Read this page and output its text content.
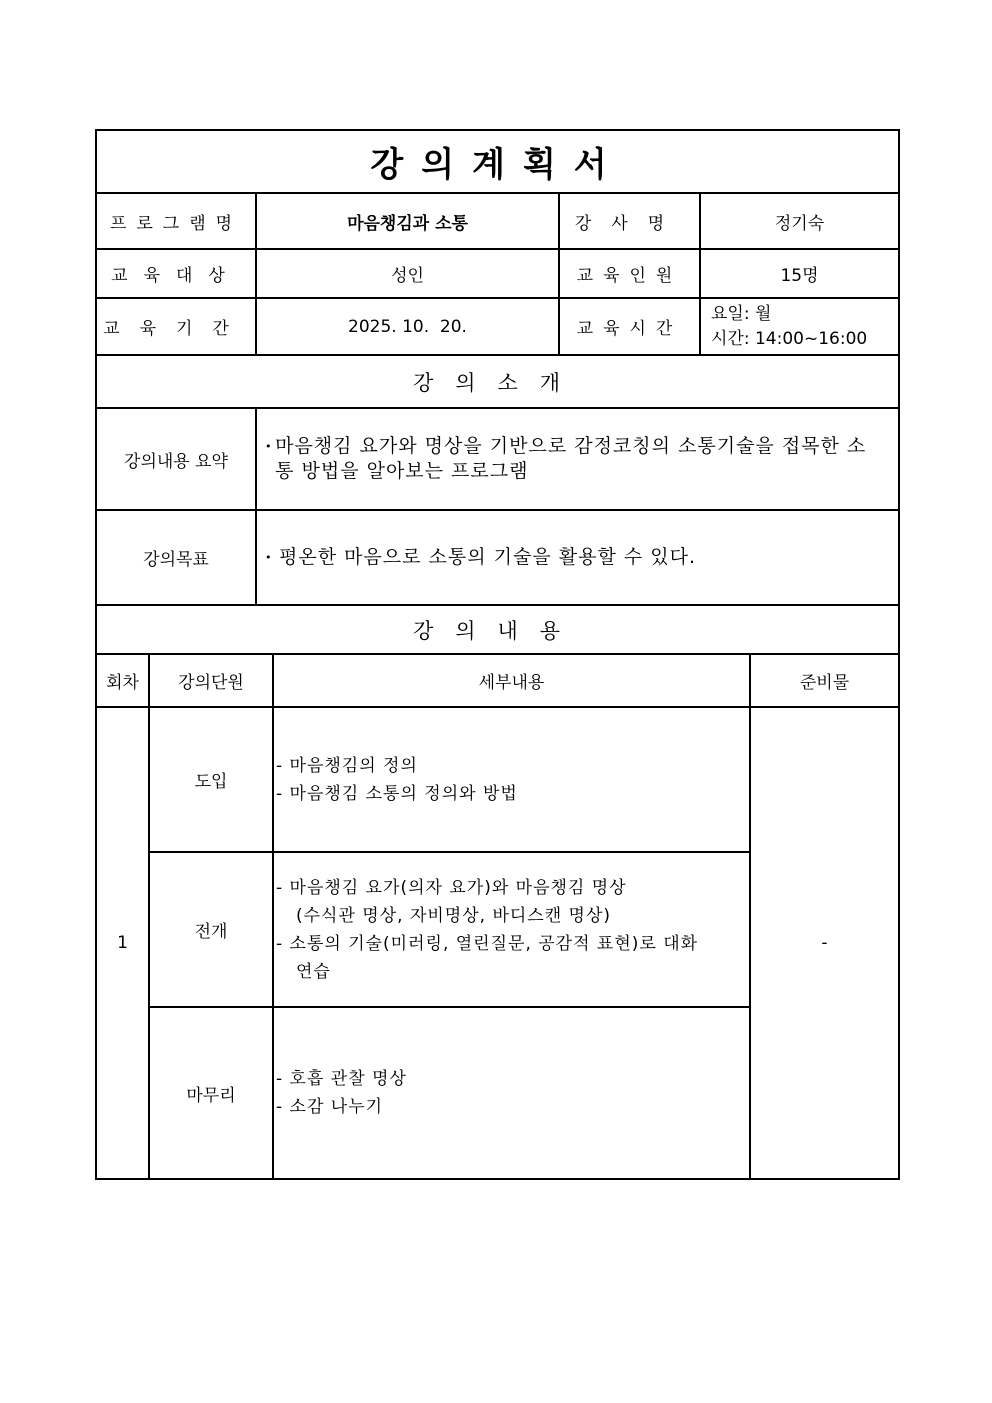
강의계획서			
프로그램명	마음챙김과 소통	강사명	정기숙
교육대상	성인	교육인원	15명
교육기간	2025. 10.  20.	교육시간	요일: 월
시간: 14:00~16:00

강의소개			
강의내용 요약	• 마음챙김 요가와 명상을 기반으로 감정코칭의 소통기술을 접목한 소통 방법을 알아보는 프로그램		

강의목표	• 평온한 마음으로 소통의 기술을 활용할 수 있다.		

강의내용			
회차	강의단원	세부내용	준비물
1	도입	- 마음챙김의 정의
- 마음챙김 소통의 정의와 방법	-
	전개	- 마음챙김 요가(의자 요가)와 마음챙김 명상
(수식관 명상, 자비명상, 바디스캔 명상)
- 소통의 기술(미러링, 열린질문, 공감적 표현)로 대화
연습	

	마무리	- 호흡 관찰 명상
- 소감 나누기	
